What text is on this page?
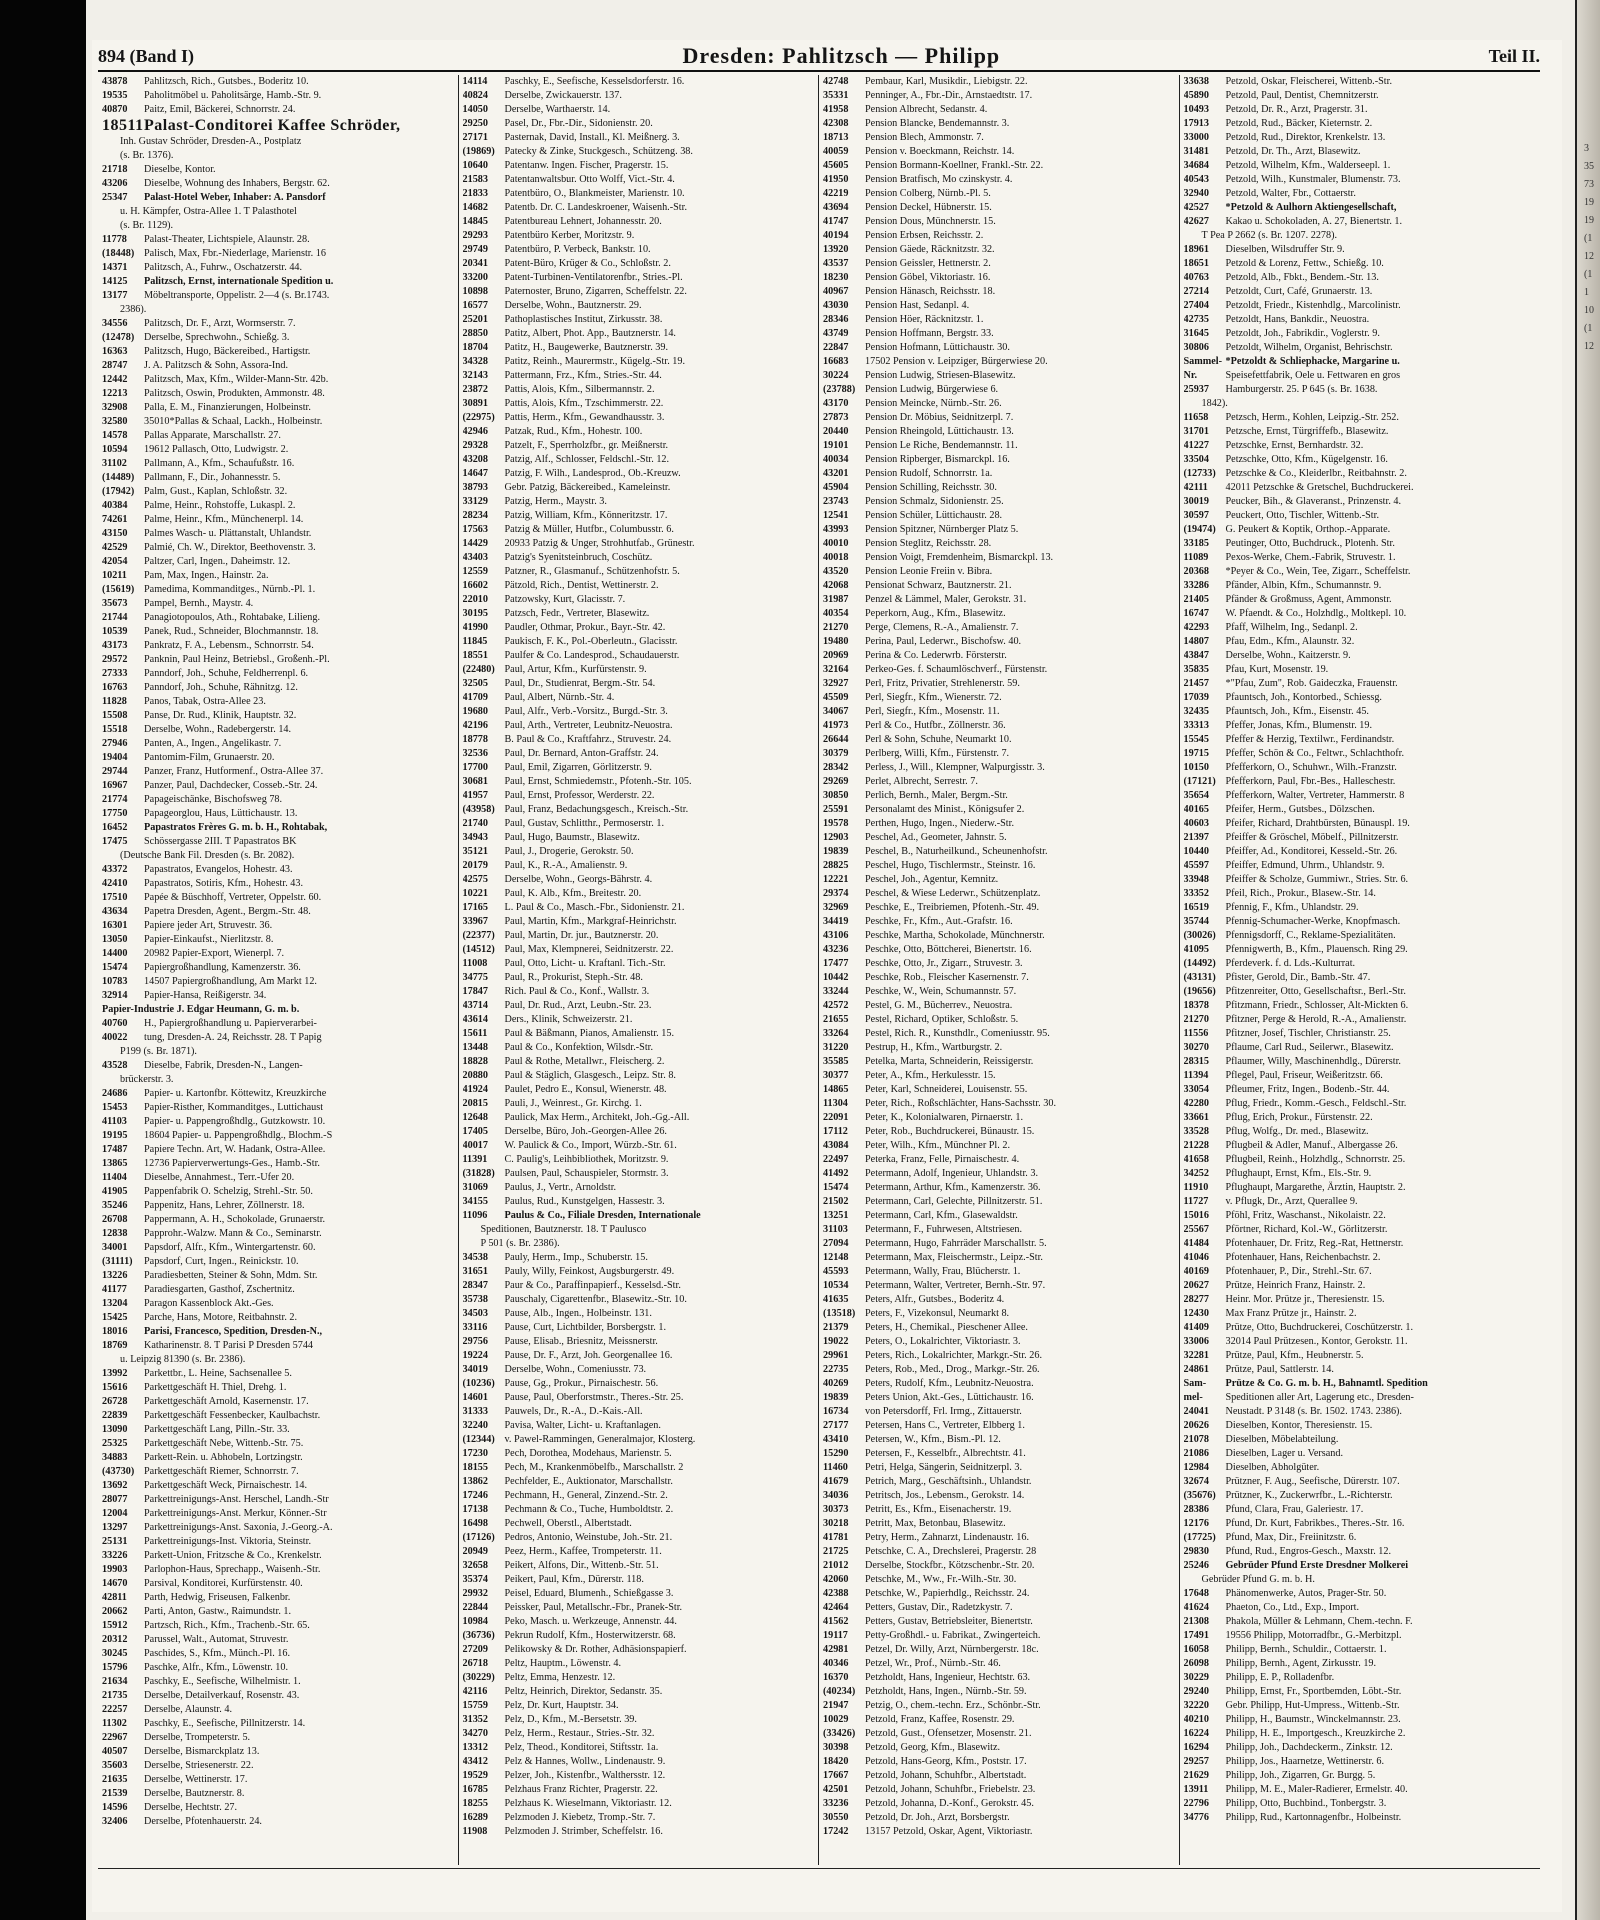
3
35
73
19
19
(1
12
(1
1
10
(1
12
894 (Band I)	Dresden: Pahlitzsch — Philipp	Teil II.
43878 Pahlitzsch, Rich., Gutsbes., Boderitz 10.
19535 Paholitmöbel u. Paholitsärge, Hamb.-Str. 9.
40870 Paitz, Emil, Bäckerei, Schnorrstr. 24.
18511Palast-Conditorei Kaffee Schröder,
Inh. Gustav Schröder, Dresden-A., Postplatz
(s. Br. 1376).
21718 Dieselbe, Kontor.
43206 Dieselbe, Wohnung des Inhabers, Bergstr. 62.
25347 Palast-Hotel Weber, Inhaber: A. Pansdorf
u. H. Kämpfer, Ostra-Allee 1. T Palasthotel
(s. Br. 1129).
11778 Palast-Theater, Lichtspiele, Alaunstr. 28.
(18448) Palisch, Max, Fbr.-Niederlage, Marienstr. 16
14371 Palitzsch, A., Fuhrw., Oschatzerstr. 44.
14125 Palitzsch, Ernst, internationale Spedition u.
13177 Möbeltransporte, Oppelistr. 2—4 (s. Br.1743.
2386).
34556 Palitzsch, Dr. F., Arzt, Wormserstr. 7.
(12478) Derselbe, Sprechwohn., Schießg. 3.
16363 Palitzsch, Hugo, Bäckereibed., Hartigstr.
28747 J. A. Palitzsch & Sohn, Assora-Ind.
12442 Palitzsch, Max, Kfm., Wilder-Mann-Str. 42b.
12213 Palitzsch, Oswin, Produkten, Ammonstr. 48.
32908 Palla, E. M., Finanzierungen, Holbeinstr.
32580 35010*Pallas & Schaal, Lackh., Holbeinstr.
14578 Pallas Apparate, Marschallstr. 27.
10594 19612 Pallasch, Otto, Ludwigstr. 2.
31102 Pallmann, A., Kfm., Schaufußstr. 16.
(14489) Pallmann, F., Dir., Johannesstr. 5.
(17942) Palm, Gust., Kaplan, Schloßstr. 32.
40384 Palme, Heinr., Rohstoffe, Lukaspl. 2.
74261 Palme, Heinr., Kfm., Münchenerpl. 14.
43150 Palmes Wasch- u. Plättanstalt, Uhlandstr.
42529 Palmié, Ch. W., Direktor, Beethovenstr. 3.
42054 Paltzer, Carl, Ingen., Daheimstr. 12.
10211 Pam, Max, Ingen., Hainstr. 2a.
(15619) Pamedima, Kommanditges., Nürnb.-Pl. 1.
35673 Pampel, Bernh., Maystr. 4.
21744 Panagiotopoulos, Ath., Rohtabake, Lilieng.
10539 Panek, Rud., Schneider, Blochmannstr. 18.
43173 Pankratz, F. A., Lebensm., Schnorrstr. 54.
29572 Panknin, Paul Heinz, Betriebsl., Großenh.-Pl.
27333 Panndorf, Joh., Schuhe, Feldherrenpl. 6.
16763 Panndorf, Joh., Schuhe, Rähnitzg. 12.
11828 Panos, Tabak, Ostra-Allee 23.
15508 Panse, Dr. Rud., Klinik, Hauptstr. 32.
15518 Derselbe, Wohn., Radebergerstr. 14.
27946 Panten, A., Ingen., Angelikastr. 7.
19404 Pantomim-Film, Grunaerstr. 20.
29744 Panzer, Franz, Hutformenf., Ostra-Allee 37.
16967 Panzer, Paul, Dachdecker, Cosseb.-Str. 24.
21774 Papageischänke, Bischofsweg 78.
17750 Papageorglou, Haus, Lüttichaustr. 13.
16452 Papastratos Frères G. m. b. H., Rohtabak,
17475 Schössergasse 2III. T Papastratos BK
(Deutsche Bank Fil. Dresden (s. Br. 2082).
43372 Papastratos, Evangelos, Hohestr. 43.
42410 Papastratos, Sotiris, Kfm., Hohestr. 43.
17510 Papée & Büschhoff, Vertreter, Oppelstr. 60.
43634 Papetra Dresden, Agent., Bergm.-Str. 48.
16301 Papiere jeder Art, Struvestr. 36.
13050 Papier-Einkaufst., Nierlitzstr. 8.
14400 20982 Papier-Export, Wienerpl. 7.
15474 Papiergroßhandlung, Kamenzerstr. 36.
10783 14507 Papiergroßhandlung, Am Markt 12.
32914 Papier-Hansa, Reißigerstr. 34.
Papier-Industrie J. Edgar Heumann, G. m. b.
40760 H., Papiergroßhandlung u. Papierverarbei-
40022 tung, Dresden-A. 24, Reichsstr. 28. T Papig
P199 (s. Br. 1871).
43528 Dieselbe, Fabrik, Dresden-N., Langen-
brückerstr. 3.
24686 Papier- u. Kartonfbr. Köttewitz, Kreuzkirche
15453 Papier-Risther, Kommanditges., Luttichaust
41103 Papier- u. Pappengroßhdlg., Gutzkowstr. 10.
19195 18604 Papier- u. Pappengroßhdlg., Blochm.-S
17487 Papiere Techn. Art, W. Hadank, Ostra-Allee.
13865 12736 Papierverwertungs-Ges., Hamb.-Str.
11404 Dieselbe, Annahmest., Terr.-Ufer 20.
41905 Pappenfabrik O. Schelzig, Strehl.-Str. 50.
35246 Pappenitz, Hans, Lehrer, Zöllnerstr. 18.
26708 Pappermann, A. H., Schokolade, Grunaerstr.
12838 Papprohr.-Walzw. Mann & Co., Seminarstr.
34001 Papsdorf, Alfr., Kfm., Wintergartenstr. 60.
(31111) Papsdorf, Curt, Ingen., Reinickstr. 10.
13226 Paradiesbetten, Steiner & Sohn, Mdm. Str.
41177 Paradiesgarten, Gasthof, Zschertnitz.
13204 Paragon Kassenblock Akt.-Ges.
15425 Parche, Hans, Motore, Reitbahnstr. 2.
18016 Parisi, Francesco, Spedition, Dresden-N.,
18769 Katharinenstr. 8. T Parisi P Dresden 5744
u. Leipzig 81390 (s. Br. 2386).
13992 Parkettbr., L. Heine, Sachsenallee 5.
15616 Parkettgeschäft H. Thiel, Drehg. 1.
26728 Parkettgeschäft Arnold, Kasernenstr. 17.
22839 Parkettgeschäft Fessenbecker, Kaulbachstr.
13090 Parkettgeschäft Lang, Pilln.-Str. 33.
25325 Parkettgeschäft Nebe, Wittenb.-Str. 75.
34883 Parkett-Rein. u. Abhobeln, Lortzingstr.
(43730) Parkettgeschäft Riemer, Schnorrstr. 7.
13692 Parkettgeschäft Weck, Pirnaischestr. 14.
28077 Parkettreinigungs-Anst. Herschel, Landh.-Str
12004 Parkettreinigungs-Anst. Merkur, Könner.-Str
13297 Parkettreinigungs-Anst. Saxonia, J.-Georg.-A.
25131 Parkettreinigungs-Inst. Viktoria, Steinstr.
33226 Parkett-Union, Fritzsche & Co., Krenkelstr.
19903 Parlophon-Haus, Sprechapp., Waisenh.-Str.
14670 Parsival, Konditorei, Kurfürstenstr. 40.
42811 Parth, Hedwig, Friseusen, Falkenbr.
20662 Parti, Anton, Gastw., Raimundstr. 1.
15912 Partzsch, Rich., Kfm., Trachenb.-Str. 65.
20312 Parussel, Walt., Automat, Struvestr.
30245 Paschides, S., Kfm., Münch.-Pl. 16.
15796 Paschke, Alfr., Kfm., Löwenstr. 10.
21634 Paschky, E., Seefische, Wilhelmistr. 1.
21735 Derselbe, Detailverkauf, Rosenstr. 43.
22257 Derselbe, Alaunstr. 4.
11302 Paschky, E., Seefische, Pillnitzerstr. 14.
22967 Derselbe, Trompeterstr. 5.
40507 Derselbe, Bismarckplatz 13.
35603 Derselbe, Striesenerstr. 22.
21635 Derselbe, Wettinerstr. 17.
21539 Derselbe, Bautznerstr. 8.
14596 Derselbe, Hechtstr. 27.
32406 Derselbe, Pfotenhauerstr. 24.
14114 Paschky, E., Seefische, Kesselsdorferstr. 16.
40824 Derselbe, Zwickauerstr. 137.
14050 Derselbe, Warthaerstr. 14.
29250 Pasel, Dr., Fbr.-Dir., Sidonienstr. 20.
27171 Pasternak, David, Install., Kl. Meißnerg. 3.
(19869) Patecky & Zinke, Stuckgesch., Schützeng. 38.
10640 Patentanw. Ingen. Fischer, Pragerstr. 15.
21583 Patentanwaltsbur. Otto Wolff, Vict.-Str. 4.
21833 Patentbüro, O., Blankmeister, Marienstr. 10.
14682 Patentb. Dr. C. Landeskroener, Waisenh.-Str.
14845 Patentbureau Lehnert, Johannesstr. 20.
29293 Patentbüro Kerber, Moritzstr. 9.
29749 Patentbüro, P. Verbeck, Bankstr. 10.
20341 Patent-Büro, Krüger & Co., Schloßstr. 2.
33200 Patent-Turbinen-Ventilatorenfbr., Stries.-Pl.
10898 Paternoster, Bruno, Zigarren, Scheffelstr. 22.
16577 Derselbe, Wohn., Bautznerstr. 29.
25201 Pathoplastisches Institut, Zirkusstr. 38.
28850 Patitz, Albert, Phot. App., Bautznerstr. 14.
18704 Patitz, H., Baugewerke, Bautznerstr. 39.
34328 Patitz, Reinh., Maurermstr., Kügelg.-Str. 19.
32143 Pattermann, Frz., Kfm., Stries.-Str. 44.
23872 Pattis, Alois, Kfm., Silbermannstr. 2.
30891 Pattis, Alois, Kfm., Tzschimmerstr. 22.
(22975) Pattis, Herm., Kfm., Gewandhausstr. 3.
42946 Patzak, Rud., Kfm., Hohestr. 100.
29328 Patzelt, F., Sperrholzfbr., gr. Meißnerstr.
43208 Patzig, Alf., Schlosser, Feldschl.-Str. 12.
14647 Patzig, F. Wilh., Landesprod., Ob.-Kreuzw.
38793 Gebr. Patzig, Bäckereibed., Kameleinstr.
33129 Patzig, Herm., Maystr. 3.
28234 Patzig, William, Kfm., Könneritzstr. 17.
17563 Patzig & Müller, Hutfbr., Columbusstr. 6.
14429 20933 Patzig & Unger, Strohhutfab., Grünestr.
43403 Patzig's Syenitsteinbruch, Coschütz.
12559 Patzner, R., Glasmanuf., Schützenhofstr. 5.
16602 Pätzold, Rich., Dentist, Wettinerstr. 2.
22010 Patzowsky, Kurt, Glacisstr. 7.
30195 Patzsch, Fedr., Vertreter, Blasewitz.
41990 Paudler, Othmar, Prokur., Bayr.-Str. 42.
11845 Paukisch, F. K., Pol.-Oberleutn., Glacisstr.
18551 Paulfer & Co. Landesprod., Schaudauerstr.
(22480) Paul, Artur, Kfm., Kurfürstenstr. 9.
32505 Paul, Dr., Studienrat, Bergm.-Str. 54.
41709 Paul, Albert, Nürnb.-Str. 4.
19680 Paul, Alfr., Verb.-Vorsitz., Burgd.-Str. 3.
42196 Paul, Arth., Vertreter, Leubnitz-Neuostra.
18778 B. Paul & Co., Kraftfahrz., Struvestr. 24.
32536 Paul, Dr. Bernard, Anton-Graffstr. 24.
17700 Paul, Emil, Zigarren, Görlitzerstr. 9.
30681 Paul, Ernst, Schmiedemstr., Pfotenh.-Str. 105.
41957 Paul, Ernst, Professor, Werderstr. 22.
(43958) Paul, Franz, Bedachungsgesch., Kreisch.-Str.
21740 Paul, Gustav, Schlitthr., Permoserstr. 1.
34943 Paul, Hugo, Baumstr., Blasewitz.
35121 Paul, J., Drogerie, Gerokstr. 50.
20179 Paul, K., R.-A., Amalienstr. 9.
42575 Derselbe, Wohn., Georgs-Bährstr. 4.
10221 Paul, K. Alb., Kfm., Breitestr. 20.
17165 L. Paul & Co., Masch.-Fbr., Sidonienstr. 21.
33967 Paul, Martin, Kfm., Markgraf-Heinrichstr.
(22377) Paul, Martin, Dr. jur., Bautznerstr. 20.
(14512) Paul, Max, Klempnerei, Seidnitzerstr. 22.
11008 Paul, Otto, Licht- u. Kraftanl. Tich.-Str.
34775 Paul, R., Prokurist, Steph.-Str. 48.
17847 Rich. Paul & Co., Konf., Wallstr. 3.
43714 Paul, Dr. Rud., Arzt, Leubn.-Str. 23.
43614 Ders., Klinik, Schweizerstr. 21.
15611 Paul & Bäßmann, Pianos, Amalienstr. 15.
13448 Paul & Co., Konfektion, Wilsdr.-Str.
18828 Paul & Rothe, Metallwr., Fleischerg. 2.
20880 Paul & Stäglich, Glasgesch., Leipz. Str. 8.
41924 Paulet, Pedro E., Konsul, Wienerstr. 48.
20815 Pauli, J., Weinrest., Gr. Kirchg. 1.
12648 Paulick, Max Herm., Architekt, Joh.-Gg.-All.
17405 Derselbe, Büro, Joh.-Georgen-Allee 26.
40017 W. Paulick & Co., Import, Würzb.-Str. 61.
11391 C. Paulig's, Leihbibliothek, Moritzstr. 9.
(31828) Paulsen, Paul, Schauspieler, Stormstr. 3.
31069 Paulus, J., Vertr., Arnoldstr.
34155 Paulus, Rud., Kunstgelgen, Hassestr. 3.
11096 Paulus & Co., Filiale Dresden, Internationale
Speditionen, Bautznerstr. 18. T Paulusco
P 501 (s. Br. 2386).
34538 Pauly, Herm., Imp., Schuberstr. 15.
31651 Pauly, Willy, Feinkost, Augsburgerstr. 49.
28347 Paur & Co., Paraffinpapierf., Kesselsd.-Str.
35738 Pauschaly, Cigarettenfbr., Blasewitz.-Str. 10.
34503 Pause, Alb., Ingen., Holbeinstr. 131.
33116 Pause, Curt, Lichtbilder, Borsbergstr. 1.
29756 Pause, Elisab., Briesnitz, Meissnerstr.
19224 Pause, Dr. F., Arzt, Joh. Georgenallee 16.
34019 Derselbe, Wohn., Comeniusstr. 73.
(10236) Pause, Gg., Prokur., Pirnaischestr. 56.
14601 Pause, Paul, Oberforstmstr., Theres.-Str. 25.
31333 Pauwels, Dr., R.-A., D.-Kais.-All.
32240 Pavisa, Walter, Licht- u. Kraftanlagen.
(12344) v. Pawel-Rammingen, Generalmajor, Klosterg.
17230 Pech, Dorothea, Modehaus, Marienstr. 5.
18155 Pech, M., Krankenmöbelfb., Marschallstr. 2
13862 Pechfelder, E., Auktionator, Marschallstr.
17246 Pechmann, H., General, Zinzend.-Str. 2.
17138 Pechmann & Co., Tuche, Humboldtstr. 2.
16498 Pechwell, Oberstl., Albertstadt.
(17126) Pedros, Antonio, Weinstube, Joh.-Str. 21.
20949 Peez, Herm., Kaffee, Trompeterstr. 11.
32658 Peikert, Alfons, Dir., Wittenb.-Str. 51.
35374 Peikert, Paul, Kfm., Dürerstr. 118.
29932 Peisel, Eduard, Blumenh., Schießgasse 3.
22844 Peissker, Paul, Metallschr.-Fbr., Pranek-Str.
10984 Peko, Masch. u. Werkzeuge, Annenstr. 44.
(36736) Pekrun Rudolf, Kfm., Hosterwitzerstr. 68.
27209 Pelikowsky & Dr. Rother, Adhäsionspapierf.
26718 Peltz, Hauptm., Löwenstr. 4.
(30229) Peltz, Emma, Henzestr. 12.
42116 Peltz, Heinrich, Direktor, Sedanstr. 35.
15759 Pelz, Dr. Kurt, Hauptstr. 34.
31352 Pelz, D., Kfm., M.-Bersetstr. 39.
34270 Pelz, Herm., Restaur., Stries.-Str. 32.
13312 Pelz, Theod., Konditorei, Stiftsstr. 1a.
43412 Pelz & Hannes, Wollw., Lindenaustr. 9.
19529 Pelzer, Joh., Kistenfbr., Walthersstr. 12.
16785 Pelzhaus Franz Richter, Pragerstr. 22.
18255 Pelzhaus K. Wieselmann, Viktoriastr. 12.
16289 Pelzmoden J. Kiebetz, Tromp.-Str. 7.
11908 Pelzmoden J. Strimber, Scheffelstr. 16.
42748 Pembaur, Karl, Musikdir., Liebigstr. 22.
35331 Penninger, A., Fbr.-Dir., Arnstaedtstr. 17.
41958 Pension Albrecht, Sedanstr. 4.
42308 Pension Blancke, Bendemannstr. 3.
18713 Pension Blech, Ammonstr. 7.
40059 Pension v. Boeckmann, Reichstr. 14.
45605 Pension Bormann-Koellner, Frankl.-Str. 22.
41950 Pension Bratfisch, Mo czinskystr. 4.
42219 Pension Colberg, Nürnb.-Pl. 5.
43694 Pension Deckel, Hübnerstr. 15.
41747 Pension Dous, Münchnerstr. 15.
40194 Pension Erbsen, Reichsstr. 2.
13920 Pension Gäede, Räcknitzstr. 32.
43537 Pension Geissler, Hettnerstr. 2.
18230 Pension Göbel, Viktoriastr. 16.
40967 Pension Hänasch, Reichsstr. 18.
43030 Pension Hast, Sedanpl. 4.
28346 Pension Höer, Räcknitzstr. 1.
43749 Pension Hoffmann, Bergstr. 33.
22847 Pension Hofmann, Lüttichaustr. 30.
16683 17502 Pension v. Leipziger, Bürgerwiese 20.
30224 Pension Ludwig, Striesen-Blasewitz.
(23788) Pension Ludwig, Bürgerwiese 6.
43170 Pension Meincke, Nürnb.-Str. 26.
27873 Pension Dr. Möbius, Seidnitzerpl. 7.
20440 Pension Rheingold, Lüttichaustr. 13.
19101 Pension Le Riche, Bendemannstr. 11.
40034 Pension Ripberger, Bismarckpl. 16.
43201 Pension Rudolf, Schnorrstr. 1a.
45904 Pension Schilling, Reichsstr. 30.
23743 Pension Schmalz, Sidonienstr. 25.
12541 Pension Schüler, Lüttichaustr. 28.
43993 Pension Spitzner, Nürnberger Platz 5.
40010 Pension Steglitz, Reichsstr. 28.
40018 Pension Voigt, Fremdenheim, Bismarckpl. 13.
43520 Pension Leonie Freiin v. Bibra.
42068 Pensionat Schwarz, Bautznerstr. 21.
31987 Penzel & Lämmel, Maler, Gerokstr. 31.
40354 Peperkorn, Aug., Kfm., Blasewitz.
21270 Perge, Clemens, R.-A., Amalienstr. 7.
19480 Perina, Paul, Lederwr., Bischofsw. 40.
20969 Perina & Co. Lederwrb. Försterstr.
32164 Perkeo-Ges. f. Schaumlöschverf., Fürstenstr.
32927 Perl, Fritz, Privatier, Strehlenerstr. 59.
45509 Perl, Siegfr., Kfm., Wienerstr. 72.
34067 Perl, Siegfr., Kfm., Mosenstr. 11.
41973 Perl & Co., Hutfbr., Zöllnerstr. 36.
26644 Perl & Sohn, Schuhe, Neumarkt 10.
30379 Perlberg, Willi, Kfm., Fürstenstr. 7.
28342 Perless, J., Will., Klempner, Walpurgisstr. 3.
29269 Perlet, Albrecht, Serrestr. 7.
30850 Perlich, Bernh., Maler, Bergm.-Str.
25591 Personalamt des Minist., Königsufer 2.
19578 Perthen, Hugo, Ingen., Niederw.-Str.
12903 Peschel, Ad., Geometer, Jahnstr. 5.
19839 Peschel, B., Naturheilkund., Scheunenhofstr.
28825 Peschel, Hugo, Tischlermstr., Steinstr. 16.
12221 Peschel, Joh., Agentur, Kemnitz.
29374 Peschel, & Wiese Lederwr., Schützenplatz.
32969 Peschke, E., Treibriemen, Pfotenh.-Str. 49.
34419 Peschke, Fr., Kfm., Aut.-Grafstr. 16.
43106 Peschke, Martha, Schokolade, Münchnerstr.
43236 Peschke, Otto, Böttcherei, Bienertstr. 16.
17477 Peschke, Otto, Jr., Zigarr., Struvestr. 3.
10442 Peschke, Rob., Fleischer Kasernenstr. 7.
33244 Peschke, W., Wein, Schumannstr. 57.
42572 Pestel, G. M., Bücherrev., Neuostra.
21655 Pestel, Richard, Optiker, Schloßstr. 5.
33264 Pestel, Rich. R., Kunsthdlr., Comeniusstr. 95.
31220 Pestrup, H., Kfm., Wartburgstr. 2.
35585 Petelka, Marta, Schneiderin, Reissigerstr.
30377 Peter, A., Kfm., Herkulesstr. 15.
14865 Peter, Karl, Schneiderei, Louisenstr. 55.
11304 Peter, Rich., Roßschlächter, Hans-Sachsstr. 30.
22091 Peter, K., Kolonialwaren, Pirnaerstr. 1.
17112 Peter, Rob., Buchdruckerei, Bünaustr. 15.
43084 Peter, Wilh., Kfm., Münchner Pl. 2.
22497 Peterka, Franz, Felle, Pirnaischestr. 4.
41492 Petermann, Adolf, Ingenieur, Uhlandstr. 3.
15474 Petermann, Arthur, Kfm., Kamenzerstr. 36.
21502 Petermann, Carl, Gelechte, Pillnitzerstr. 51.
13251 Petermann, Carl, Kfm., Glasewaldstr.
31103 Petermann, F., Fuhrwesen, Altstriesen.
27094 Petermann, Hugo, Fahrräder Marschallstr. 5.
12148 Petermann, Max, Fleischermstr., Leipz.-Str.
45593 Petermann, Wally, Frau, Blücherstr. 1.
10534 Petermann, Walter, Vertreter, Bernh.-Str. 97.
41635 Peters, Alfr., Gutsbes., Boderitz 4.
(13518) Peters, F., Vizekonsul, Neumarkt 8.
21379 Peters, H., Chemikal., Pieschener Allee.
19022 Peters, O., Lokalrichter, Viktoriastr. 3.
29961 Peters, Rich., Lokalrichter, Markgr.-Str. 26.
22735 Peters, Rob., Med., Drog., Markgr.-Str. 26.
40269 Peters, Rudolf, Kfm., Leubnitz-Neuostra.
19839 Peters Union, Akt.-Ges., Lüttichaustr. 16.
16734 von Petersdorff, Frl. Irmg., Zittauerstr.
27177 Petersen, Hans C., Vertreter, Elbberg 1.
43410 Petersen, W., Kfm., Bism.-Pl. 12.
15290 Petersen, F., Kesselbfr., Albrechtstr. 41.
11460 Petri, Helga, Sängerin, Seidnitzerpl. 3.
41679 Petrich, Marg., Geschäftsinh., Uhlandstr.
34036 Petritsch, Jos., Lebensm., Gerokstr. 14.
30373 Petritt, Es., Kfm., Eisenacherstr. 19.
30218 Petritt, Max, Betonbau, Blasewitz.
41781 Petry, Herm., Zahnarzt, Lindenaustr. 16.
21725 Petschke, C. A., Drechslerei, Pragerstr. 28
21012 Derselbe, Stockfbr., Kötzschenbr.-Str. 20.
42060 Petschke, M., Ww., Fr.-Wilh.-Str. 30.
42388 Petschke, W., Papierhdlg., Reichsstr. 24.
42464 Petters, Gustav, Dir., Radetzkystr. 7.
41562 Petters, Gustav, Betriebsleiter, Bienertstr.
19117 Petty-Großhdl.- u. Fabrikat., Zwingerteich.
42981 Petzel, Dr. Willy, Arzt, Nürnbergerstr. 18c.
40346 Petzel, Wr., Prof., Nürnb.-Str. 46.
16370 Petzholdt, Hans, Ingenieur, Hechtstr. 63.
(40234) Petzholdt, Hans, Ingen., Nürnb.-Str. 59.
21947 Petzig, O., chem.-techn. Erz., Schönbr.-Str.
10029 Petzold, Franz, Kaffee, Rosenstr. 29.
(33426) Petzold, Gust., Ofensetzer, Mosenstr. 21.
30398 Petzold, Georg, Kfm., Blasewitz.
18420 Petzold, Hans-Georg, Kfm., Poststr. 17.
17667 Petzold, Johann, Schuhfbr., Albertstadt.
42501 Petzold, Johann, Schuhfbr., Friebelstr. 23.
33236 Petzold, Johanna, D.-Konf., Gerokstr. 45.
30550 Petzold, Dr. Joh., Arzt, Borsbergstr.
17242 13157 Petzold, Oskar, Agent, Viktoriastr.
33638 Petzold, Oskar, Fleischerei, Wittenb.-Str.
45890 Petzold, Paul, Dentist, Chemnitzerstr.
10493 Petzold, Dr. R., Arzt, Pragerstr. 31.
17913 Petzold, Rud., Bäcker, Kieternstr. 2.
33000 Petzold, Rud., Direktor, Krenkelstr. 13.
31481 Petzold, Dr. Th., Arzt, Blasewitz.
34684 Petzold, Wilhelm, Kfm., Walderseepl. 1.
40543 Petzold, Wilh., Kunstmaler, Blumenstr. 73.
32940 Petzold, Walter, Fbr., Cottaerstr.
42527 *Petzold & Aulhorn Aktiengesellschaft,
42627 Kakao u. Schokoladen, A. 27, Bienertstr. 1.
T Pea P 2662 (s. Br. 1207. 2278).
18961 Dieselben, Wilsdruffer Str. 9.
18651 Petzold & Lorenz, Fettw., Schießg. 10.
40763 Petzold, Alb., Fbkt., Bendem.-Str. 13.
27214 Petzoldt, Curt, Café, Grunaerstr. 13.
27404 Petzoldt, Friedr., Kistenhdlg., Marcolinistr.
42735 Petzoldt, Hans, Bankdir., Neuostra.
31645 Petzoldt, Joh., Fabrikdir., Voglerstr. 9.
30806 Petzoldt, Wilhelm, Organist, Behrischstr.
Sammel- *Petzoldt & Schliephacke, Margarine u.
Nr.	Speisefettfabrik, Oele u. Fettwaren en gros
25937 Hamburgerstr. 25. P 645 (s. Br. 1638.
1842).
11658 Petzsch, Herm., Kohlen, Leipzig.-Str. 252.
31701 Petzsche, Ernst, Türgriffefb., Blasewitz.
41227 Petzschke, Ernst, Bernhardstr. 32.
33504 Petzschke, Otto, Kfm., Kügelgenstr. 16.
(12733) Petzschke & Co., Kleiderlbr., Reitbahnstr. 2.
42111 42011 Petzschke & Gretschel, Buchdruckerei.
30019 Peucker, Bih., & Glaveranst., Prinzenstr. 4.
30597 Peuckert, Otto, Tischler, Wittenb.-Str.
(19474) G. Peukert & Koptik, Orthop.-Apparate.
33185 Peutinger, Otto, Buchdruck., Plotenh. Str.
11089 Pexos-Werke, Chem.-Fabrik, Struvestr. 1.
20368 *Peyer & Co., Wein, Tee, Zigarr., Scheffelstr.
33286 Pfänder, Albin, Kfm., Schumannstr. 9.
21405 Pfänder & Großmuss, Agent, Ammonstr.
16747 W. Pfaendt. & Co., Holzhdlg., Moltkepl. 10.
42293 Pfaff, Wilhelm, Ing., Sedanpl. 2.
14807 Pfau, Edm., Kfm., Alaunstr. 32.
43847 Derselbe, Wohn., Kaitzerstr. 9.
35835 Pfau, Kurt, Mosenstr. 19.
21457 *"Pfau, Zum", Rob. Gaideczka, Frauenstr.
17039 Pfauntsch, Joh., Kontorbed., Schiessg.
32435 Pfauntsch, Joh., Kfm., Eisenstr. 45.
33313 Pfeffer, Jonas, Kfm., Blumenstr. 19.
15545 Pfeffer & Herzig, Textilwr., Ferdinandstr.
19715 Pfeffer, Schön & Co., Feltwr., Schlachthofr.
10150 Pfefferkorn, O., Schuhwr., Wilh.-Franzstr.
(17121) Pfefferkorn, Paul, Fbr.-Bes., Halleschestr.
35654 Pfefferkorn, Walter, Vertreter, Hammerstr. 8
40165 Pfeifer, Herm., Gutsbes., Dölzschen.
40603 Pfeifer, Richard, Drahtbürsten, Bünauspl. 19.
21397 Pfeiffer & Gröschel, Möbelf., Pillnitzerstr.
10440 Pfeiffer, Ad., Konditorei, Kesseld.-Str. 26.
45597 Pfeiffer, Edmund, Uhrm., Uhlandstr. 9.
33948 Pfeiffer & Scholze, Gummiwr., Stries. Str. 6.
33352 Pfeil, Rich., Prokur., Blasew.-Str. 14.
16519 Pfennig, F., Kfm., Uhlandstr. 29.
35744 Pfennig-Schumacher-Werke, Knopfmasch.
(30026) Pfennigsdorff, C., Reklame-Spezialitäten.
41095 Pfennigwerth, B., Kfm., Plauensch. Ring 29.
(14492) Pferdeverk. f. d. Lds.-Kulturrat.
(43131) Pfister, Gerold, Dir., Bamb.-Str. 47.
(19656) Pfitzenreiter, Otto, Gesellschaftsr., Berl.-Str.
18378 Pfitzmann, Friedr., Schlosser, Alt-Mickten 6.
21270 Pfitzner, Perge & Herold, R.-A., Amalienstr.
11556 Pfitzner, Josef, Tischler, Christianstr. 25.
30270 Pflaume, Carl Rud., Seilerwr., Blasewitz.
28315 Pflaumer, Willy, Maschinenhdlg., Dürerstr.
11394 Pflegel, Paul, Friseur, Weißeritzstr. 66.
33054 Pfleumer, Fritz, Ingen., Bodenb.-Str. 44.
42280 Pflug, Friedr., Komm.-Gesch., Feldschl.-Str.
33661 Pflug, Erich, Prokur., Fürstenstr. 22.
33528 Pflug, Wolfg., Dr. med., Blasewitz.
21228 Pflugbeil & Adler, Manuf., Albergasse 26.
41658 Pflugbeil, Reinh., Holzhdlg., Schnorrstr. 25.
34252 Pflughaupt, Ernst, Kfm., Els.-Str. 9.
11910 Pflughaupt, Margarethe, Ärztin, Hauptstr. 2.
11727 v. Pflugk, Dr., Arzt, Querallee 9.
15016 Pföhl, Fritz, Waschanst., Nikolaistr. 22.
25567 Pförtner, Richard, Kol.-W., Görlitzerstr.
41484 Pfotenhauer, Dr. Fritz, Reg.-Rat, Hettnerstr.
41046 Pfotenhauer, Hans, Reichenbachstr. 2.
40169 Pfotenhauer, P., Dir., Strehl.-Str. 67.
20627 Prütze, Heinrich Franz, Hainstr. 2.
28277 Heinr. Mor. Prütze jr., Theresienstr. 15.
12430 Max Franz Prütze jr., Hainstr. 2.
41409 Prütze, Otto, Buchdruckerei, Coschützerstr. 1.
33006 32014 Paul Prützesen., Kontor, Gerokstr. 11.
32281 Prütze, Paul, Kfm., Heubnerstr. 5.
24861 Prütze, Paul, Sattlerstr. 14.
Sam- Prütze & Co. G. m. b. H., Bahnamtl. Spedition
mel- Speditionen aller Art, Lagerung etc., Dresden-
24041 Neustadt. P 3148 (s. Br. 1502. 1743. 2386).
20626 Dieselben, Kontor, Theresienstr. 15.
21078 Dieselben, Möbelabteilung.
21086 Dieselben, Lager u. Versand.
12984 Dieselben, Abholgüter.
32674 Prützner, F. Aug., Seefische, Dürerstr. 107.
(35676) Prützner, K., Zuckerwrfbr., L.-Richterstr.
28386 Pfund, Clara, Frau, Galeriestr. 17.
12176 Pfund, Dr. Kurt, Fabrikbes., Theres.-Str. 16.
(17725) Pfund, Max, Dir., Freiinitzstr. 6.
29830 Pfund, Rud., Engros-Gesch., Maxstr. 12.
25246 Gebrüder Pfund Erste Dresdner Molkerei
Gebrüder Pfund G. m. b. H.
17648 Phänomenwerke, Autos, Prager-Str. 50.
41624 Phaeton, Co., Ltd., Exp., Import.
21308 Phakola, Müller & Lehmann, Chem.-techn. F.
17491 19556 Philipp, Motorradfbr., G.-Merbitzpl.
16058 Philipp, Bernh., Schuldir., Cottaerstr. 1.
26098 Philipp, Bernh., Agent, Zirkusstr. 19.
30229 Philipp, E. P., Rolladenfbr.
29240 Philipp, Ernst, Fr., Sportbemden, Löbt.-Str.
32220 Gebr. Philipp, Hut-Umpress., Wittenb.-Str.
40210 Philipp, H., Baumstr., Winckelmannstr. 23.
16224 Philipp, H. E., Importgesch., Kreuzkirche 2.
16294 Philipp, Joh., Dachdeckerm., Zinkstr. 12.
29257 Philipp, Jos., Haarnetze, Wettinerstr. 6.
21629 Philipp, Joh., Zigarren, Gr. Burgg. 5.
13911 Philipp, M. E., Maler-Radierer, Ermelstr. 40.
22796 Philipp, Otto, Buchbind., Tonbergstr. 3.
34776 Philipp, Rud., Kartonnagenfbr., Holbeinstr.
